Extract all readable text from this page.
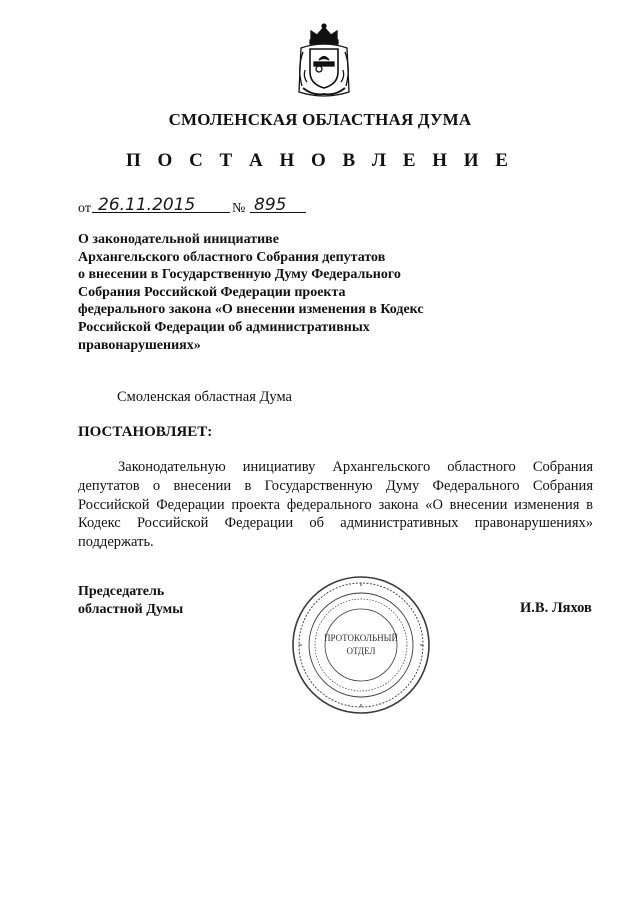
СМОЛЕНСКАЯ ОБЛАСТНАЯ ДУМА
П О С Т А Н О В Л Е Н И Е
от 26.11.2015	№ 895
О законодательной инициативе
Архангельского областного Собрания депутатов
о внесении в Государственную Думу Федерального
Собрания Российской Федерации проекта
федерального закона «О внесении изменения в Кодекс
Российской Федерации об административных
правонарушениях»
Смоленская областная Дума
ПОСТАНОВЛЯЕТ:
Законодательную инициативу Архангельского областного Собрания
депутатов о внесении в Государственную Думу Федерального Собрания
Российской Федерации проекта федерального закона «О внесении изменения в
Кодекс Российской Федерации об административных правонарушениях»
поддержать.
Председатель
областной Думы
ПРОТОКОЛЬНЫЙ
ОТДЕЛ
И.В. Ляхов
